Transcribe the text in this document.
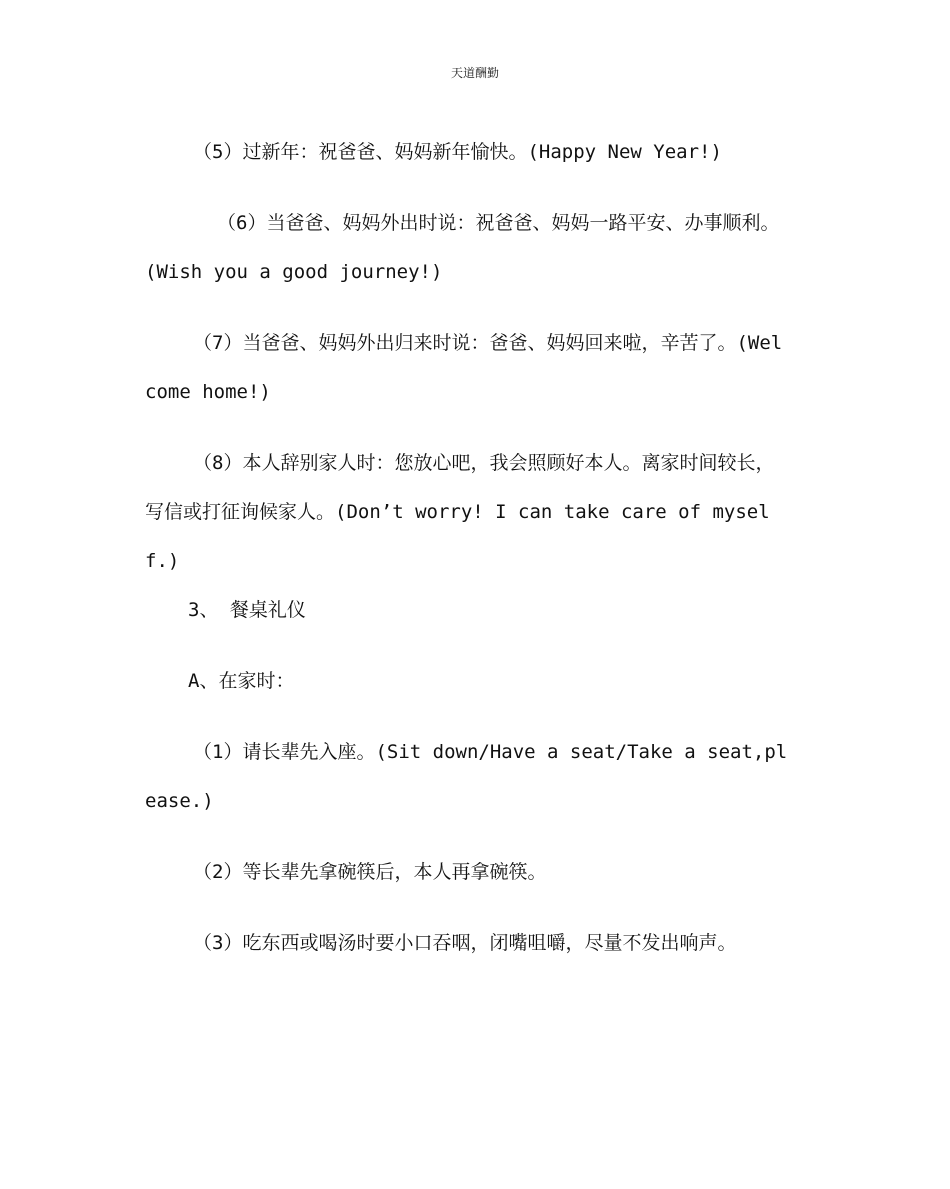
天道酬勤

（5）过新年：祝爸爸、妈妈新年愉快。(Happy New Year!)

（6）当爸爸、妈妈外出时说：祝爸爸、妈妈一路平安、办事顺利。(Wish you a good journey!)

（7）当爸爸、妈妈外出归来时说：爸爸、妈妈回来啦，辛苦了。(Welcome home!)

（8）本人辞别家人时：您放心吧，我会照顾好本人。离家时间较长，写信或打征询候家人。(Don’t worry! I can take care of myself.)

3、 餐桌礼仪

A、在家时：

（1）请长辈先入座。(Sit down/Have a seat/Take a seat,please.)

（2）等长辈先拿碗筷后，本人再拿碗筷。

（3）吃东西或喝汤时要小口吞咽，闭嘴咀嚼，尽量不发出响声。
